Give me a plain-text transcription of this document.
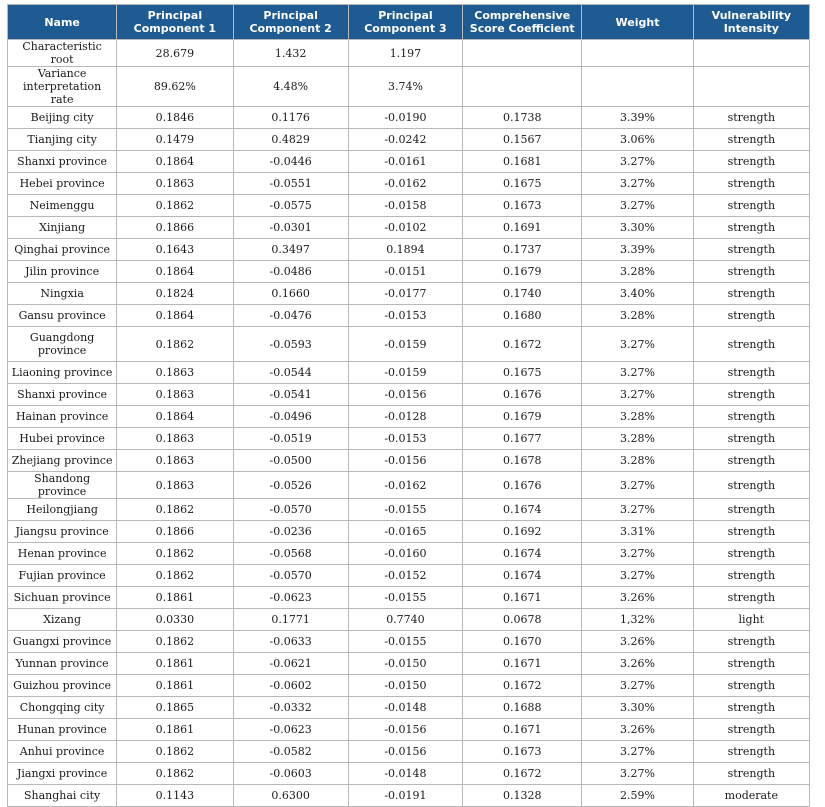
Name	Principal Component 1	Principal Component 2	Principal Component 3	Comprehensive Score Coefficient	Weight	Vulnerability Intensity
Characteristic root	28.679	1.432	1.197			
Variance interpretation rate	89.62%	4.48%	3.74%			
Beijing city	0.1846	0.1176	-0.0190	0.1738	3.39%	strength
Tianjing city	0.1479	0.4829	-0.0242	0.1567	3.06%	strength
Shanxi province	0.1864	-0.0446	-0.0161	0.1681	3.27%	strength
Hebei province	0.1863	-0.0551	-0.0162	0.1675	3.27%	strength
Neimenggu	0.1862	-0.0575	-0.0158	0.1673	3.27%	strength
Xinjiang	0.1866	-0.0301	-0.0102	0.1691	3.30%	strength
Qinghai province	0.1643	0.3497	0.1894	0.1737	3.39%	strength
Jilin province	0.1864	-0.0486	-0.0151	0.1679	3.28%	strength
Ningxia	0.1824	0.1660	-0.0177	0.1740	3.40%	strength
Gansu province	0.1864	-0.0476	-0.0153	0.1680	3.28%	strength
Guangdong province	0.1862	-0.0593	-0.0159	0.1672	3.27%	strength
Liaoning province	0.1863	-0.0544	-0.0159	0.1675	3.27%	strength
Shanxi province	0.1863	-0.0541	-0.0156	0.1676	3.27%	strength
Hainan province	0.1864	-0.0496	-0.0128	0.1679	3.28%	strength
Hubei province	0.1863	-0.0519	-0.0153	0.1677	3.28%	strength
Zhejiang province	0.1863	-0.0500	-0.0156	0.1678	3.28%	strength
Shandong province	0.1863	-0.0526	-0.0162	0.1676	3.27%	strength
Heilongjiang	0.1862	-0.0570	-0.0155	0.1674	3.27%	strength
Jiangsu province	0.1866	-0.0236	-0.0165	0.1692	3.31%	strength
Henan province	0.1862	-0.0568	-0.0160	0.1674	3.27%	strength
Fujian province	0.1862	-0.0570	-0.0152	0.1674	3.27%	strength
Sichuan province	0.1861	-0.0623	-0.0155	0.1671	3.26%	strength
Xizang	0.0330	0.1771	0.7740	0.0678	1,32%	light
Guangxi province	0.1862	-0.0633	-0.0155	0.1670	3.26%	strength
Yunnan province	0.1861	-0.0621	-0.0150	0.1671	3.26%	strength
Guizhou province	0.1861	-0.0602	-0.0150	0.1672	3.27%	strength
Chongqing city	0.1865	-0.0332	-0.0148	0.1688	3.30%	strength
Hunan province	0.1861	-0.0623	-0.0156	0.1671	3.26%	strength
Anhui province	0.1862	-0.0582	-0.0156	0.1673	3.27%	strength
Jiangxi province	0.1862	-0.0603	-0.0148	0.1672	3.27%	strength
Shanghai city	0.1143	0.6300	-0.0191	0.1328	2.59%	moderate
